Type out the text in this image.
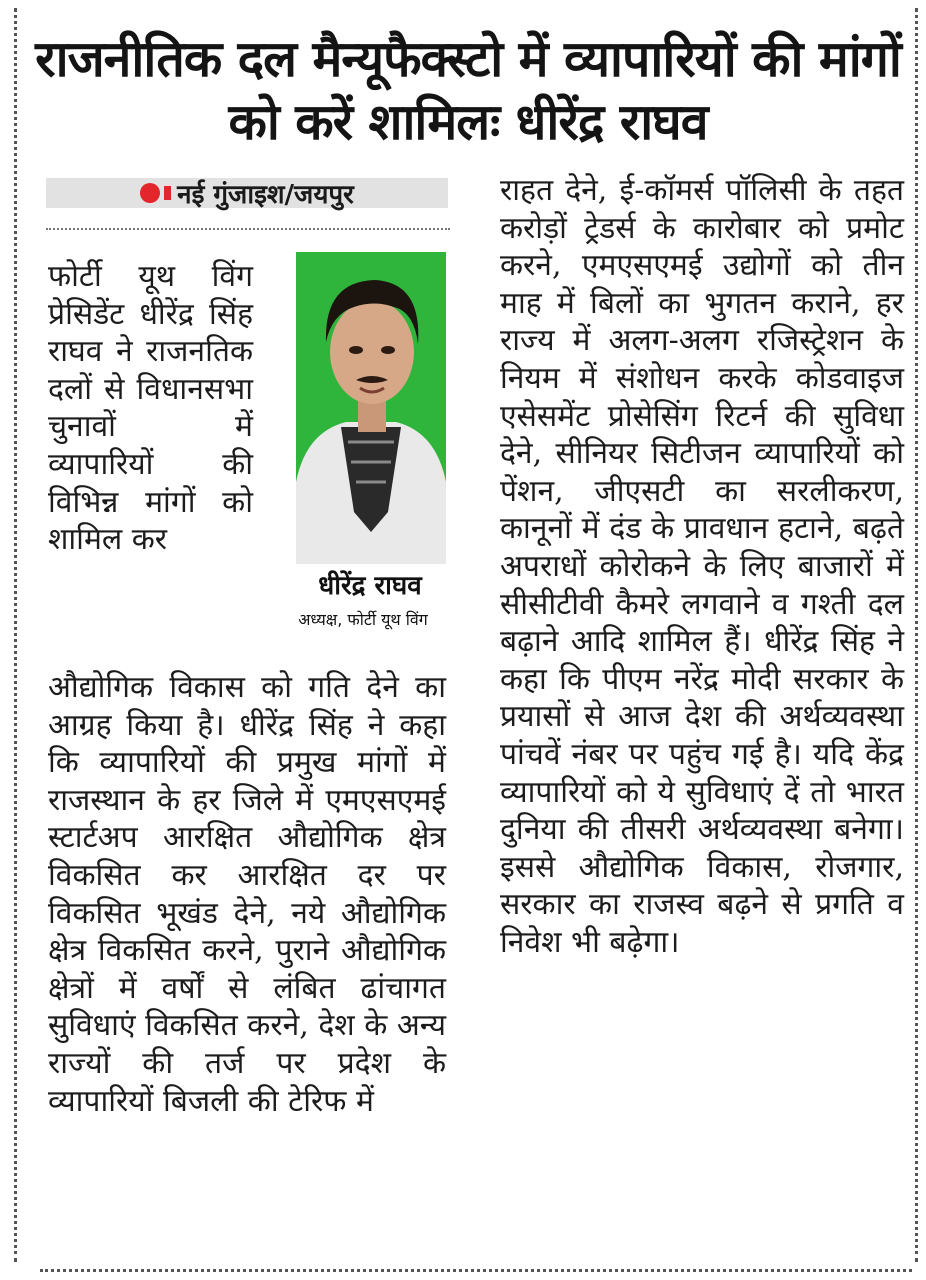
राजनीतिक दल मैन्यूफैक्स्टो में व्यापारियों की मांगों को करें शामिलः धीरेंद्र राघव
नई गुंजाइश/जयपुर

फोर्टी यूथ विंग प्रेसिडेंट धीरेंद्र सिंह राघव ने राजनतिक दलों से विधानसभा चुनावों में व्यापारियों की विभिन्न मांगों को शामिल कर

धीरेंद्र राघव
अध्यक्ष, फोर्टी यूथ विंग

औद्योगिक विकास को गति देने का आग्रह किया है। धीरेंद्र सिंह ने कहा कि व्यापारियों की प्रमुख मांगों में राजस्थान के हर जिले में एमएसएमई स्टार्टअप आरक्षित औद्योगिक क्षेत्र विकसित कर आरक्षित दर पर विकसित भूखंड देने, नये औद्योगिक क्षेत्र विकसित करने, पुराने औद्योगिक क्षेत्रों में वर्षों से लंबित ढांचागत सुविधाएं विकसित करने, देश के अन्य राज्यों की तर्ज पर प्रदेश के व्यापारियों बिजली की टेरिफ में

राहत देने, ई-कॉमर्स पॉलिसी के तहत करोड़ों ट्रेडर्स के कारोबार को प्रमोट करने, एमएसएमई उद्योगों को तीन माह में बिलों का भुगतन कराने, हर राज्य में अलग-अलग रजिस्ट्रेशन के नियम में संशोधन करके कोडवाइज एसेसमेंट प्रोसेसिंग रिटर्न की सुविधा देने, सीनियर सिटीजन व्यापारियों को पेंशन, जीएसटी का सरलीकरण, कानूनों में दंड के प्रावधान हटाने, बढ़ते अपराधों कोरोकने के लिए बाजारों में सीसीटीवी कैमरे लगवाने व गश्ती दल बढ़ाने आदि शामिल हैं। धीरेंद्र सिंह ने कहा कि पीएम नरेंद्र मोदी सरकार के प्रयासों से आज देश की अर्थव्यवस्था पांचवें नंबर पर पहुंच गई है। यदि केंद्र व्यापारियों को ये सुविधाएं दें तो भारत दुनिया की तीसरी अर्थव्यवस्था बनेगा। इससे औद्योगिक विकास, रोजगार, सरकार का राजस्व बढ़ने से प्रगति व निवेश भी बढ़ेगा।
